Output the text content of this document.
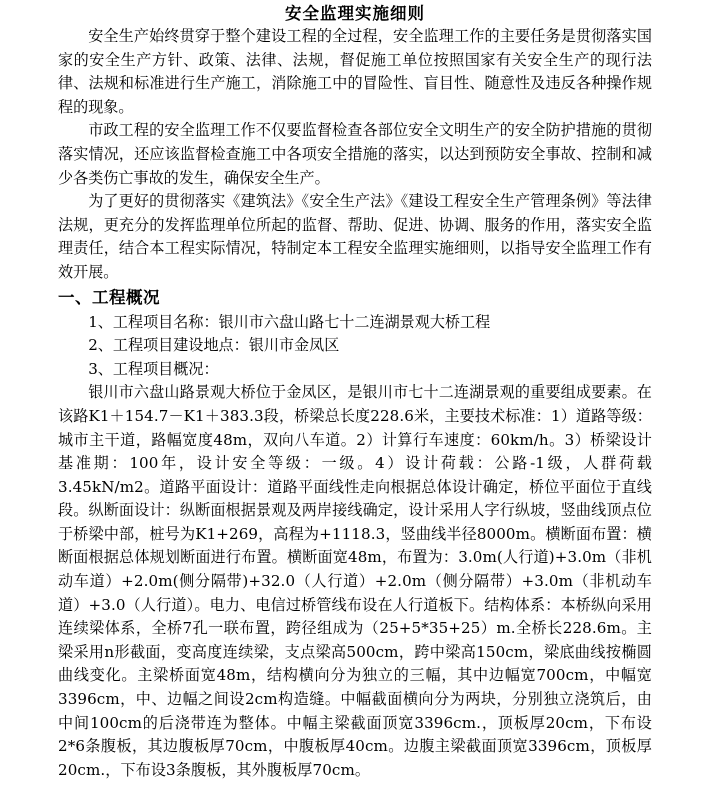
安全监理实施细则

安全生产始终贯穿于整个建设工程的全过程，安全监理工作的主要任务是贯彻落实国家的安全生产方针、政策、法律、法规，督促施工单位按照国家有关安全生产的现行法律、法规和标准进行生产施工，消除施工中的冒险性、盲目性、随意性及违反各种操作规程的现象。

市政工程的安全监理工作不仅要监督检查各部位安全文明生产的安全防护措施的贯彻落实情况，还应该监督检查施工中各项安全措施的落实，以达到预防安全事故、控制和减少各类伤亡事故的发生，确保安全生产。

为了更好的贯彻落实《建筑法》《安全生产法》《建设工程安全生产管理条例》等法律法规，更充分的发挥监理单位所起的监督、帮助、促进、协调、服务的作用，落实安全监理责任，结合本工程实际情况，特制定本工程安全监理实施细则，以指导安全监理工作有效开展。

一、工程概况

1、工程项目名称：银川市六盘山路七十二连湖景观大桥工程

2、工程项目建设地点：银川市金凤区

3、工程项目概况：

银川市六盘山路景观大桥位于金凤区，是银川市七十二连湖景观的重要组成要素。在该路K1＋154.7－K1＋383.3段，桥梁总长度228.6米，主要技术标准：1）道路等级：城市主干道，路幅宽度48m，双向八车道。2）计算行车速度：60km/h。3）桥梁设计基准期：100年，设计安全等级：一级。4）设计荷载：公路-1级，人群荷载3.45kN/m2。道路平面设计：道路平面线性走向根据总体设计确定，桥位平面位于直线段。纵断面设计：纵断面根据景观及两岸接线确定，设计采用人字行纵坡，竖曲线顶点位于桥梁中部，桩号为K1+269，高程为+1118.3，竖曲线半径8000m。横断面布置：横断面根据总体规划断面进行布置。横断面宽48m，布置为：3.0m(人行道)+3.0m（非机动车道）+2.0m(侧分隔带)+32.0（人行道）+2.0m（侧分隔带）+3.0m（非机动车道）+3.0（人行道）。电力、电信过桥管线布设在人行道板下。结构体系：本桥纵向采用连续梁体系，全桥7孔一联布置，跨径组成为（25+5*35+25）m.全桥长228.6m。主梁采用n形截面，变高度连续梁，支点梁高500cm，跨中梁高150cm，梁底曲线按椭圆曲线变化。主梁桥面宽48m，结构横向分为独立的三幅，其中边幅宽700cm，中幅宽3396cm，中、边幅之间设2cm构造缝。中幅截面横向分为两块，分别独立浇筑后，由中间100cm的后浇带连为整体。中幅主梁截面顶宽3396cm.，顶板厚20cm，下布设2*6条腹板，其边腹板厚70cm，中腹板厚40cm。边腹主梁截面顶宽3396cm，顶板厚20cm.，下布设3条腹板，其外腹板厚70cm。
